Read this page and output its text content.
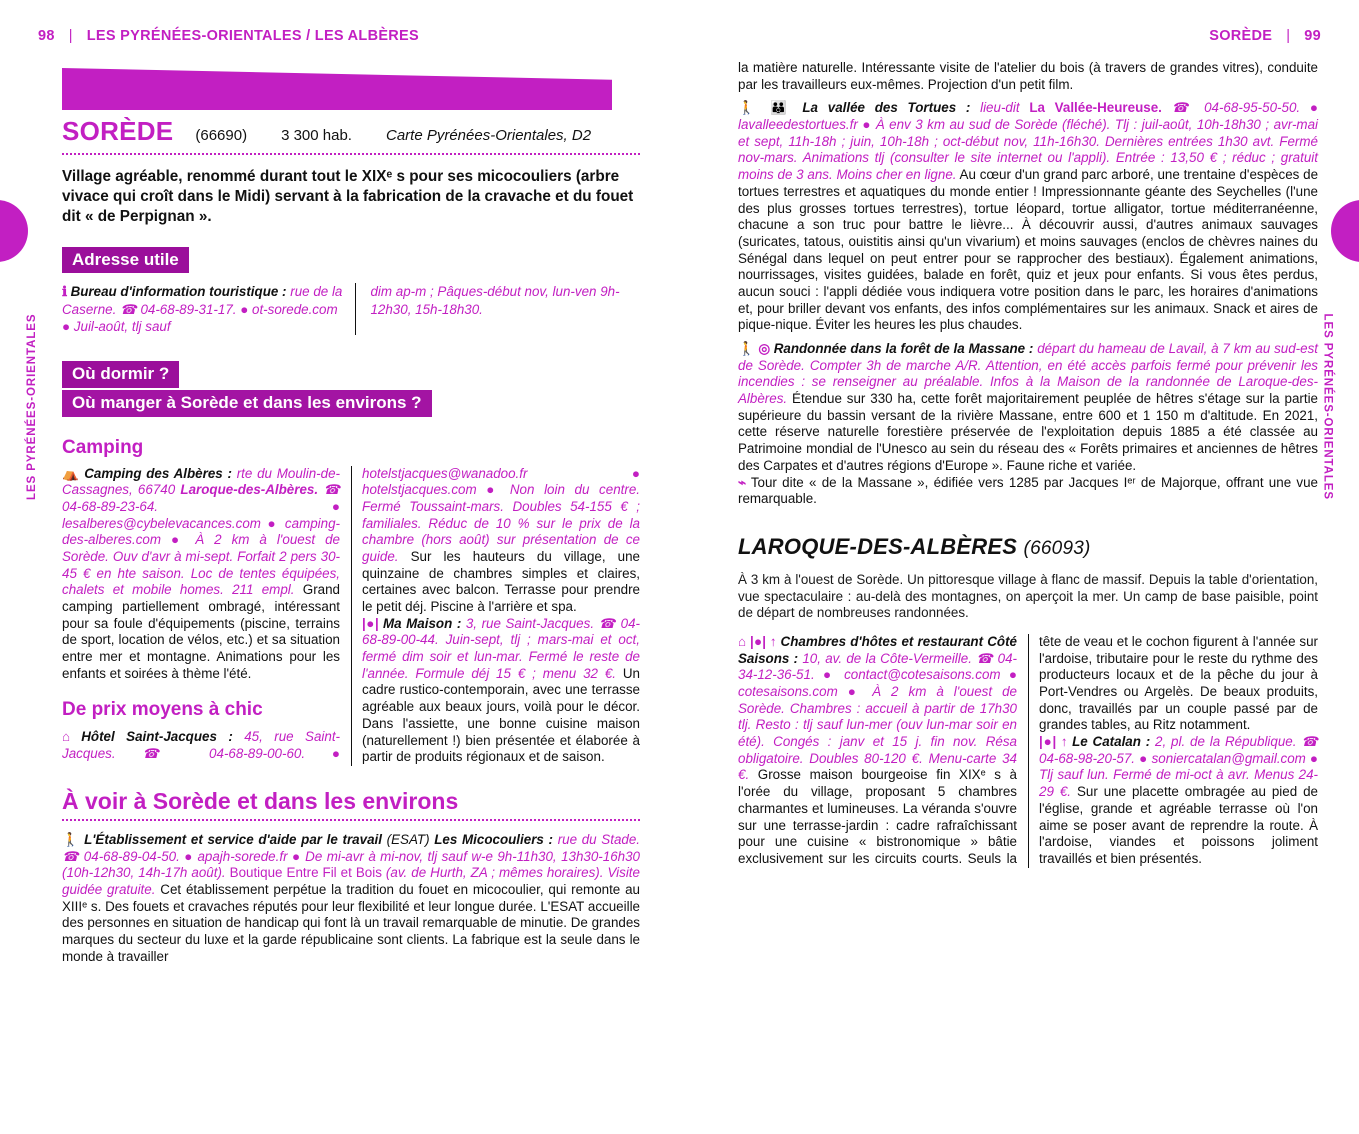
98 | LES PYRÉNÉES-ORIENTALES / LES ALBÈRES	SORÈDE | 99
LES PYRÉNÉES-ORIENTALES	LES PYRÉNÉES-ORIENTALES
SORÈDE (66690) 3 300 hab. Carte Pyrénées-Orientales, D2
Village agréable, renommé durant tout le XIXᵉ s pour ses micocouliers (arbre vivace qui croît dans le Midi) servant à la fabrication de la cravache et du fouet dit « de Perpignan ».
Adresse utile
ℹ Bureau d'information touristique : rue de la Caserne. ☎ 04-68-89-31-17. ● ot-sorede.com ● Juil-août, tlj sauf
dim ap-m ; Pâques-début nov, lun-ven 9h-12h30, 15h-18h30.
Où dormir ?
Où manger à Sorède et dans les environs ?
Camping

⛺ Camping des Albères : rte du Moulin-de-Cassagnes, 66740 Laroque-des-Albères. ☎ 04-68-89-23-64.	● lesalberes@cybelevacances.com ● camping-des-alberes.com ● À 2 km à l'ouest de Sorède. Ouv d'avr à mi-sept. Forfait 2 pers 30-45 € en hte saison. Loc de tentes équipées, chalets et mobile homes. 211 empl. Grand camping partiellement ombragé, intéressant pour sa foule d'équipements (piscine, terrains de sport, location de vélos, etc.) et sa situation entre mer et montagne. Animations pour les enfants et soirées à thème l'été.

De prix moyens à chic

⌂ Hôtel Saint-Jacques : 45, rue Saint-Jacques. ☎ 04-68-89-00-60. ● hotelstjacques@wanadoo.fr ● hotelstjacques.com ● Non loin du centre. Fermé Toussaint-mars. Doubles 54-155 € ; familiales. Réduc de 10 % sur le prix de la chambre (hors août) sur présentation de ce guide. Sur les hauteurs du village, une quinzaine de chambres simples et claires, certaines avec balcon. Terrasse pour prendre le petit déj. Piscine à l'arrière et spa.

|●| Ma Maison : 3, rue Saint-Jacques. ☎ 04-68-89-00-44. Juin-sept, tlj ; mars-mai et oct, fermé dim soir et lun-mar. Fermé le reste de l'année. Formule déj 15 € ; menu 32 €. Un cadre rustico-contemporain, avec une terrasse agréable aux beaux jours, voilà pour le décor. Dans l'assiette, une bonne cuisine maison (naturellement !) bien présentée et élaborée à partir de produits régionaux et de saison.

À voir à Sorède et dans les environs
🚶 L'Établissement et service d'aide par le travail (ESAT) Les Micocouliers : rue du Stade. ☎ 04-68-89-04-50. ● apajh-sorede.fr ● De mi-avr à mi-nov, tlj sauf w-e 9h-11h30, 13h30-16h30 (10h-12h30, 14h-17h août). Boutique Entre Fil et Bois (av. de Hurth, ZA ; mêmes horaires). Visite guidée gratuite. Cet établissement perpétue la tradition du fouet en micocoulier, qui remonte au XIIIᵉ s. Des fouets et cravaches réputés pour leur flexibilité et leur longue durée. L'ESAT accueille des personnes en situation de handicap qui font là un travail remarquable de minutie. De grandes marques du secteur du luxe et la garde républicaine sont clients. La fabrique est la seule dans le monde à travailler
la matière naturelle. Intéressante visite de l'atelier du bois (à travers de grandes vitres), conduite par les travailleurs eux-mêmes. Projection d'un petit film.
🚶 👪 La vallée des Tortues : lieu-dit La Vallée-Heureuse. ☎ 04-68-95-50-50. ● lavalleedestortues.fr ● À env 3 km au sud de Sorède (fléché). Tlj : juil-août, 10h-18h30 ; avr-mai et sept, 11h-18h ; juin, 10h-18h ; oct-début nov, 11h-16h30. Dernières entrées 1h30 avt. Fermé nov-mars. Animations tlj (consulter le site internet ou l'appli). Entrée : 13,50 € ; réduc ; gratuit moins de 3 ans. Moins cher en ligne. Au cœur d'un grand parc arboré, une trentaine d'espèces de tortues terrestres et aquatiques du monde entier ! Impressionnante géante des Seychelles (l'une des plus grosses tortues terrestres), tortue léopard, tortue alligator, tortue méditerranéenne, chacune a son truc pour battre le lièvre... À découvrir aussi, d'autres animaux sauvages (suricates, tatous, ouistitis ainsi qu'un vivarium) et moins sauvages (enclos de chèvres naines du Sénégal dans lequel on peut entrer pour se rapprocher des bestiaux). Également animations, nourrissages, visites guidées, balade en forêt, quiz et jeux pour enfants. Si vous êtes perdus, aucun souci : l'appli dédiée vous indiquera votre position dans le parc, les horaires d'animations et, pour briller devant vos enfants, des infos complémentaires sur les animaux. Snack et aires de pique-nique. Éviter les heures les plus chaudes.
🚶 ◎ Randonnée dans la forêt de la Massane : départ du hameau de Lavail, à 7 km au sud-est de Sorède. Compter 3h de marche A/R. Attention, en été accès parfois fermé pour prévenir les incendies : se renseigner au préalable. Infos à la Maison de la randonnée de Laroque-des-Albères. Étendue sur 330 ha, cette forêt majoritairement peuplée de hêtres s'étage sur la partie supérieure du bassin versant de la rivière Massane, entre 600 et 1 150 m d'altitude. En 2021, cette réserve naturelle forestière préservée de l'exploitation depuis 1885 a été classée au Patrimoine mondial de l'Unesco au sein du réseau des « Forêts primaires et anciennes de hêtres des Carpates et d'autres régions d'Europe ». Faune riche et variée.
⌁ Tour dite « de la Massane », édifiée vers 1285 par Jacques Iᵉʳ de Majorque, offrant une vue remarquable.
LAROQUE-DES-ALBÈRES (66093)
À 3 km à l'ouest de Sorède. Un pittoresque village à flanc de massif. Depuis la table d'orientation, vue spectaculaire : au-delà des montagnes, on aperçoit la mer. Un camp de base paisible, point de départ de nombreuses randonnées.

⌂ |●| ↑ Chambres d'hôtes et restaurant Côté Saisons : 10, av. de la Côte-Vermeille. ☎ 04-34-12-36-51. ● contact@cotesaisons.com ● cotesaisons.com ● À 2 km à l'ouest de Sorède. Chambres : accueil à partir de 17h30 tlj. Resto : tlj sauf lun-mer (ouv lun-mar soir en été). Congés : janv et 15 j. fin nov. Résa obligatoire. Doubles 80-120 €. Menu-carte 34 €. Grosse maison bourgeoise fin XIXᵉ s à l'orée du village, proposant 5 chambres charmantes et lumineuses. La véranda s'ouvre sur une terrasse-jardin : cadre rafraîchissant pour une cuisine « bistronomique » bâtie exclusivement sur les circuits courts. Seuls la tête de veau et le cochon figurent à l'année sur l'ardoise, tributaire pour le reste du rythme des producteurs locaux et de la pêche du jour à Port-Vendres ou Argelès. De beaux produits, donc, travaillés par un couple passé par de grandes tables, au Ritz notamment.

|●| ↑ Le Catalan : 2, pl. de la République. ☎ 04-68-98-20-57. ● soniercatalan@gmail.com ● Tlj sauf lun. Fermé de mi-oct à avr. Menus 24-29 €. Sur une placette ombragée au pied de l'église, grande et agréable terrasse où l'on aime se poser avant de reprendre la route. À l'ardoise, viandes et poissons joliment travaillés et bien présentés.
